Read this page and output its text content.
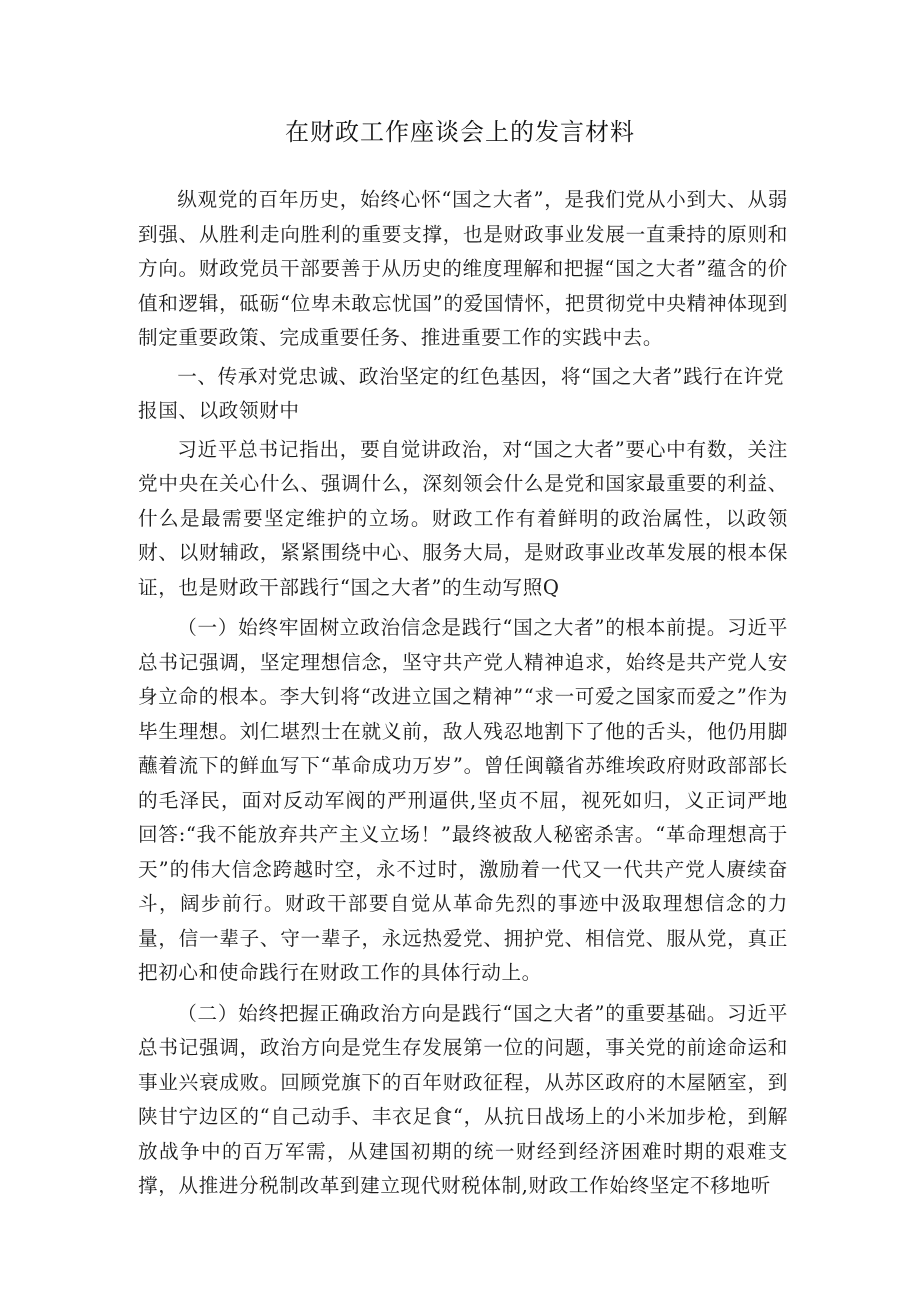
在财政工作座谈会上的发言材料

纵观党的百年历史，始终心怀“国之大者”，是我们党从小到大、从弱到强、从胜利走向胜利的重要支撑，也是财政事业发展一直秉持的原则和方向。财政党员干部要善于从历史的维度理解和把握“国之大者”蕴含的价值和逻辑，砥砺“位卑未敢忘忧国”的爱国情怀，把贯彻党中央精神体现到制定重要政策、完成重要任务、推进重要工作的实践中去。

一、传承对党忠诚、政治坚定的红色基因，将“国之大者”践行在许党报国、以政领财中

习近平总书记指出，要自觉讲政治，对“国之大者”要心中有数，关注党中央在关心什么、强调什么，深刻领会什么是党和国家最重要的利益、什么是最需要坚定维护的立场。财政工作有着鲜明的政治属性，以政领财、以财辅政，紧紧围绕中心、服务大局，是财政事业改革发展的根本保证，也是财政干部践行“国之大者”的生动写照Q

（一）始终牢固树立政治信念是践行“国之大者”的根本前提。习近平总书记强调，坚定理想信念，坚守共产党人精神追求，始终是共产党人安身立命的根本。李大钊将“改进立国之精神”“求一可爱之国家而爱之”作为毕生理想。刘仁堪烈士在就义前，敌人残忍地割下了他的舌头，他仍用脚蘸着流下的鲜血写下“革命成功万岁”。曾任闽赣省苏维埃政府财政部部长的毛泽民，面对反动军阀的严刑逼供,坚贞不屈，视死如归，义正词严地回答:“我不能放弃共产主义立场！”最终被敌人秘密杀害。“革命理想高于天”的伟大信念跨越时空，永不过时，激励着一代又一代共产党人赓续奋斗，阔步前行。财政干部要自觉从革命先烈的事迹中汲取理想信念的力量，信一辈子、守一辈子，永远热爱党、拥护党、相信党、服从党，真正把初心和使命践行在财政工作的具体行动上。

（二）始终把握正确政治方向是践行“国之大者”的重要基础。习近平总书记强调，政治方向是党生存发展第一位的问题，事关党的前途命运和事业兴衰成败。回顾党旗下的百年财政征程，从苏区政府的木屋陋室，到陕甘宁边区的“自己动手、丰衣足食“，从抗日战场上的小米加步枪，到解放战争中的百万军需，从建国初期的统一财经到经济困难时期的艰难支撑，从推进分税制改革到建立现代财税体制,财政工作始终坚定不移地听
